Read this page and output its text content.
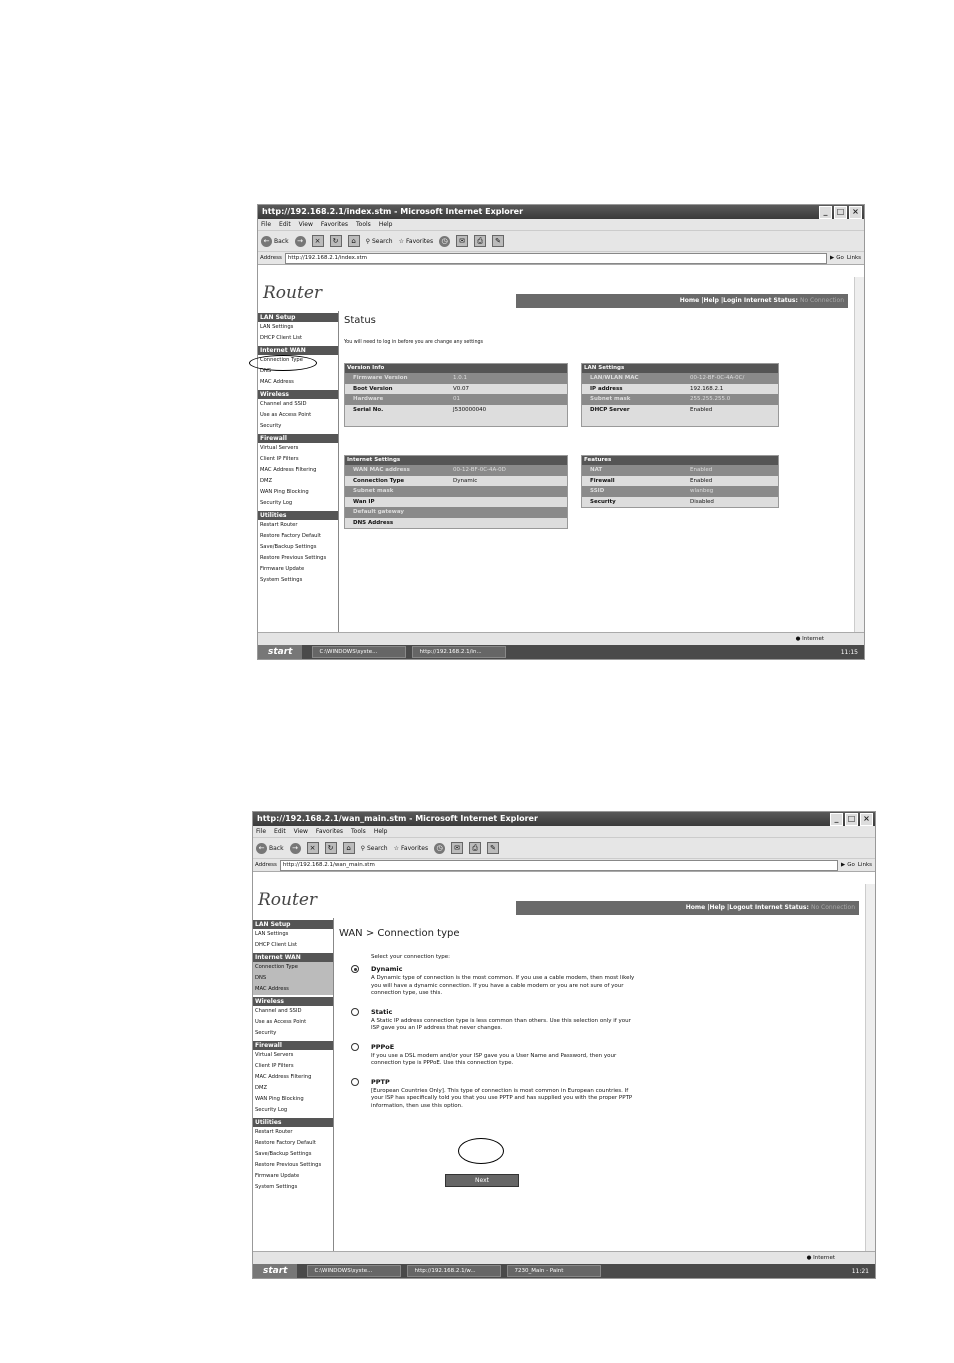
http://192.168.2.1/index.stm - Microsoft Internet Explorer	_	□ ×
File Edit View Favorites Tools Help
← Back	→	×	↻	⌂	⚲ Search ☆ Favorites	◷	✉	⎙	✎
Address	http://192.168.2.1/index.stm	▶ Go Links
Router	Home |Help |Login Internet Status: No Connection
LAN Setup
LAN Settings
DHCP Client List
Internet WAN
Connection Type
DNS
MAC Address
Wireless
Channel and SSID
Use as Access Point
Security
Firewall
Virtual Servers
Client IP Filters
MAC Address Filtering
DMZ
WAN Ping Blocking
Security Log
Utilities
Restart Router
Restore Factory Default
Save/Backup Settings
Restore Previous Settings
Firmware Update
System Settings
Status
You will need to log in before you are change any settings
Version Info
Firmware Version	1.0.1
Boot Version	V0.07
Hardware	01
Serial No.	J530000040
LAN Settings
LAN/WLAN MAC	00-12-BF-0C-4A-0C/
IP address	192.168.2.1
Subnet mask	255.255.255.0
DHCP Server	Enabled
Internet Settings
WAN MAC address	00-12-BF-0C-4A-0D
Connection Type	Dynamic
Subnet mask
Wan IP
Default gateway
DNS Address
Features
NAT	Enabled
Firewall	Enabled
SSID	wlanbeg
Security	Disabled
● Internet
start	C:\WINDOWS\syste...	http://192.168.2.1/in...	11:15
http://192.168.2.1/wan_main.stm - Microsoft Internet Explorer	_	□ ×
File Edit View Favorites Tools Help
← Back	→	×	↻	⌂	⚲ Search ☆ Favorites	◷	✉	⎙	✎
Address	http://192.168.2.1/wan_main.stm	▶ Go Links
Router	Home |Help |Logout Internet Status: No Connection
LAN Setup
LAN Settings
DHCP Client List
Internet WAN
Connection Type
DNS
MAC Address
Wireless
Channel and SSID
Use as Access Point
Security
Firewall
Virtual Servers
Client IP Filters
MAC Address Filtering
DMZ
WAN Ping Blocking
Security Log
Utilities
Restart Router
Restore Factory Default
Save/Backup Settings
Restore Previous Settings
Firmware Update
System Settings
WAN > Connection type
Select your connection type:
Dynamic
A Dynamic type of connection is the most common. If you use a cable modem, then most likely you will have a dynamic connection. If you have a cable modem or you are not sure of your connection type, use this.
Static
A Static IP address connection type is less common than others. Use this selection only if your ISP gave you an IP address that never changes.
PPPoE
If you use a DSL modem and/or your ISP gave you a User Name and Password, then your connection type is PPPoE. Use this connection type.
PPTP
[European Countries Only]. This type of connection is most common in European countries. If your ISP has specifically told you that you use PPTP and has supplied you with the proper PPTP information, then use this option.
Next
● Internet
start	C:\WINDOWS\syste...	http://192.168.2.1/w...	7230_Main - Paint	11:21
